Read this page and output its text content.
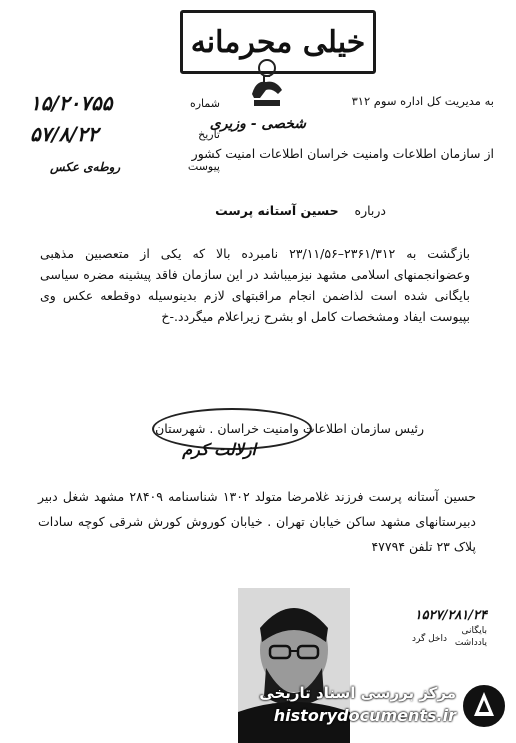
خیلی محرمانه
به مدیریت کل اداره سوم ۳۱۲
شخصی - وزیری
از سازمان اطلاعات وامنیت خراسان اطلاعات امنیت کشور
شماره
۱۵/۲۰۷۵۵
تاریخ
۵۷/۸/۲۲
پیوست
روطه‌ی عکس
درباره    حسین آستانه پرست
بازگشت به ۲۳۶۱/۳۱۲–۲۳/۱۱/۵۶ نامبرده بالا که یکی از متعصبین مذهبی وعضوانجمنهای اسلامی مشهد نیزمیباشد در این سازمان فاقد پیشینه مضره سیاسی بایگانی شده است لذاضمن انجام مراقبتهای لازم بدینوسیله دوقطعه عکس وی بپیوست ایفاد ومشخصات کامل او بشرح زیراعلام میگردد.-خ
رئیس سازمان اطلاعات وامنیت خراسان . شهرستان
ازلالت کرم
حسین آستانه پرست فرزند غلامرضا متولد ۱۳۰۲ شناسنامه ۲۸۴۰۹ مشهد شغل دبیر دبیرستانهای مشهد ساکن خیابان تهران . خیابان کوروش کورش شرقی کوچه سادات پلاک ۲۳ تلفن ۴۷۷۹۴
۱۵۲۷/۲۸۱/۲۴
بایگانی
داخل گرد یادداشت
مرکز بررسی اسناد تاریخی
historydocuments.ir
